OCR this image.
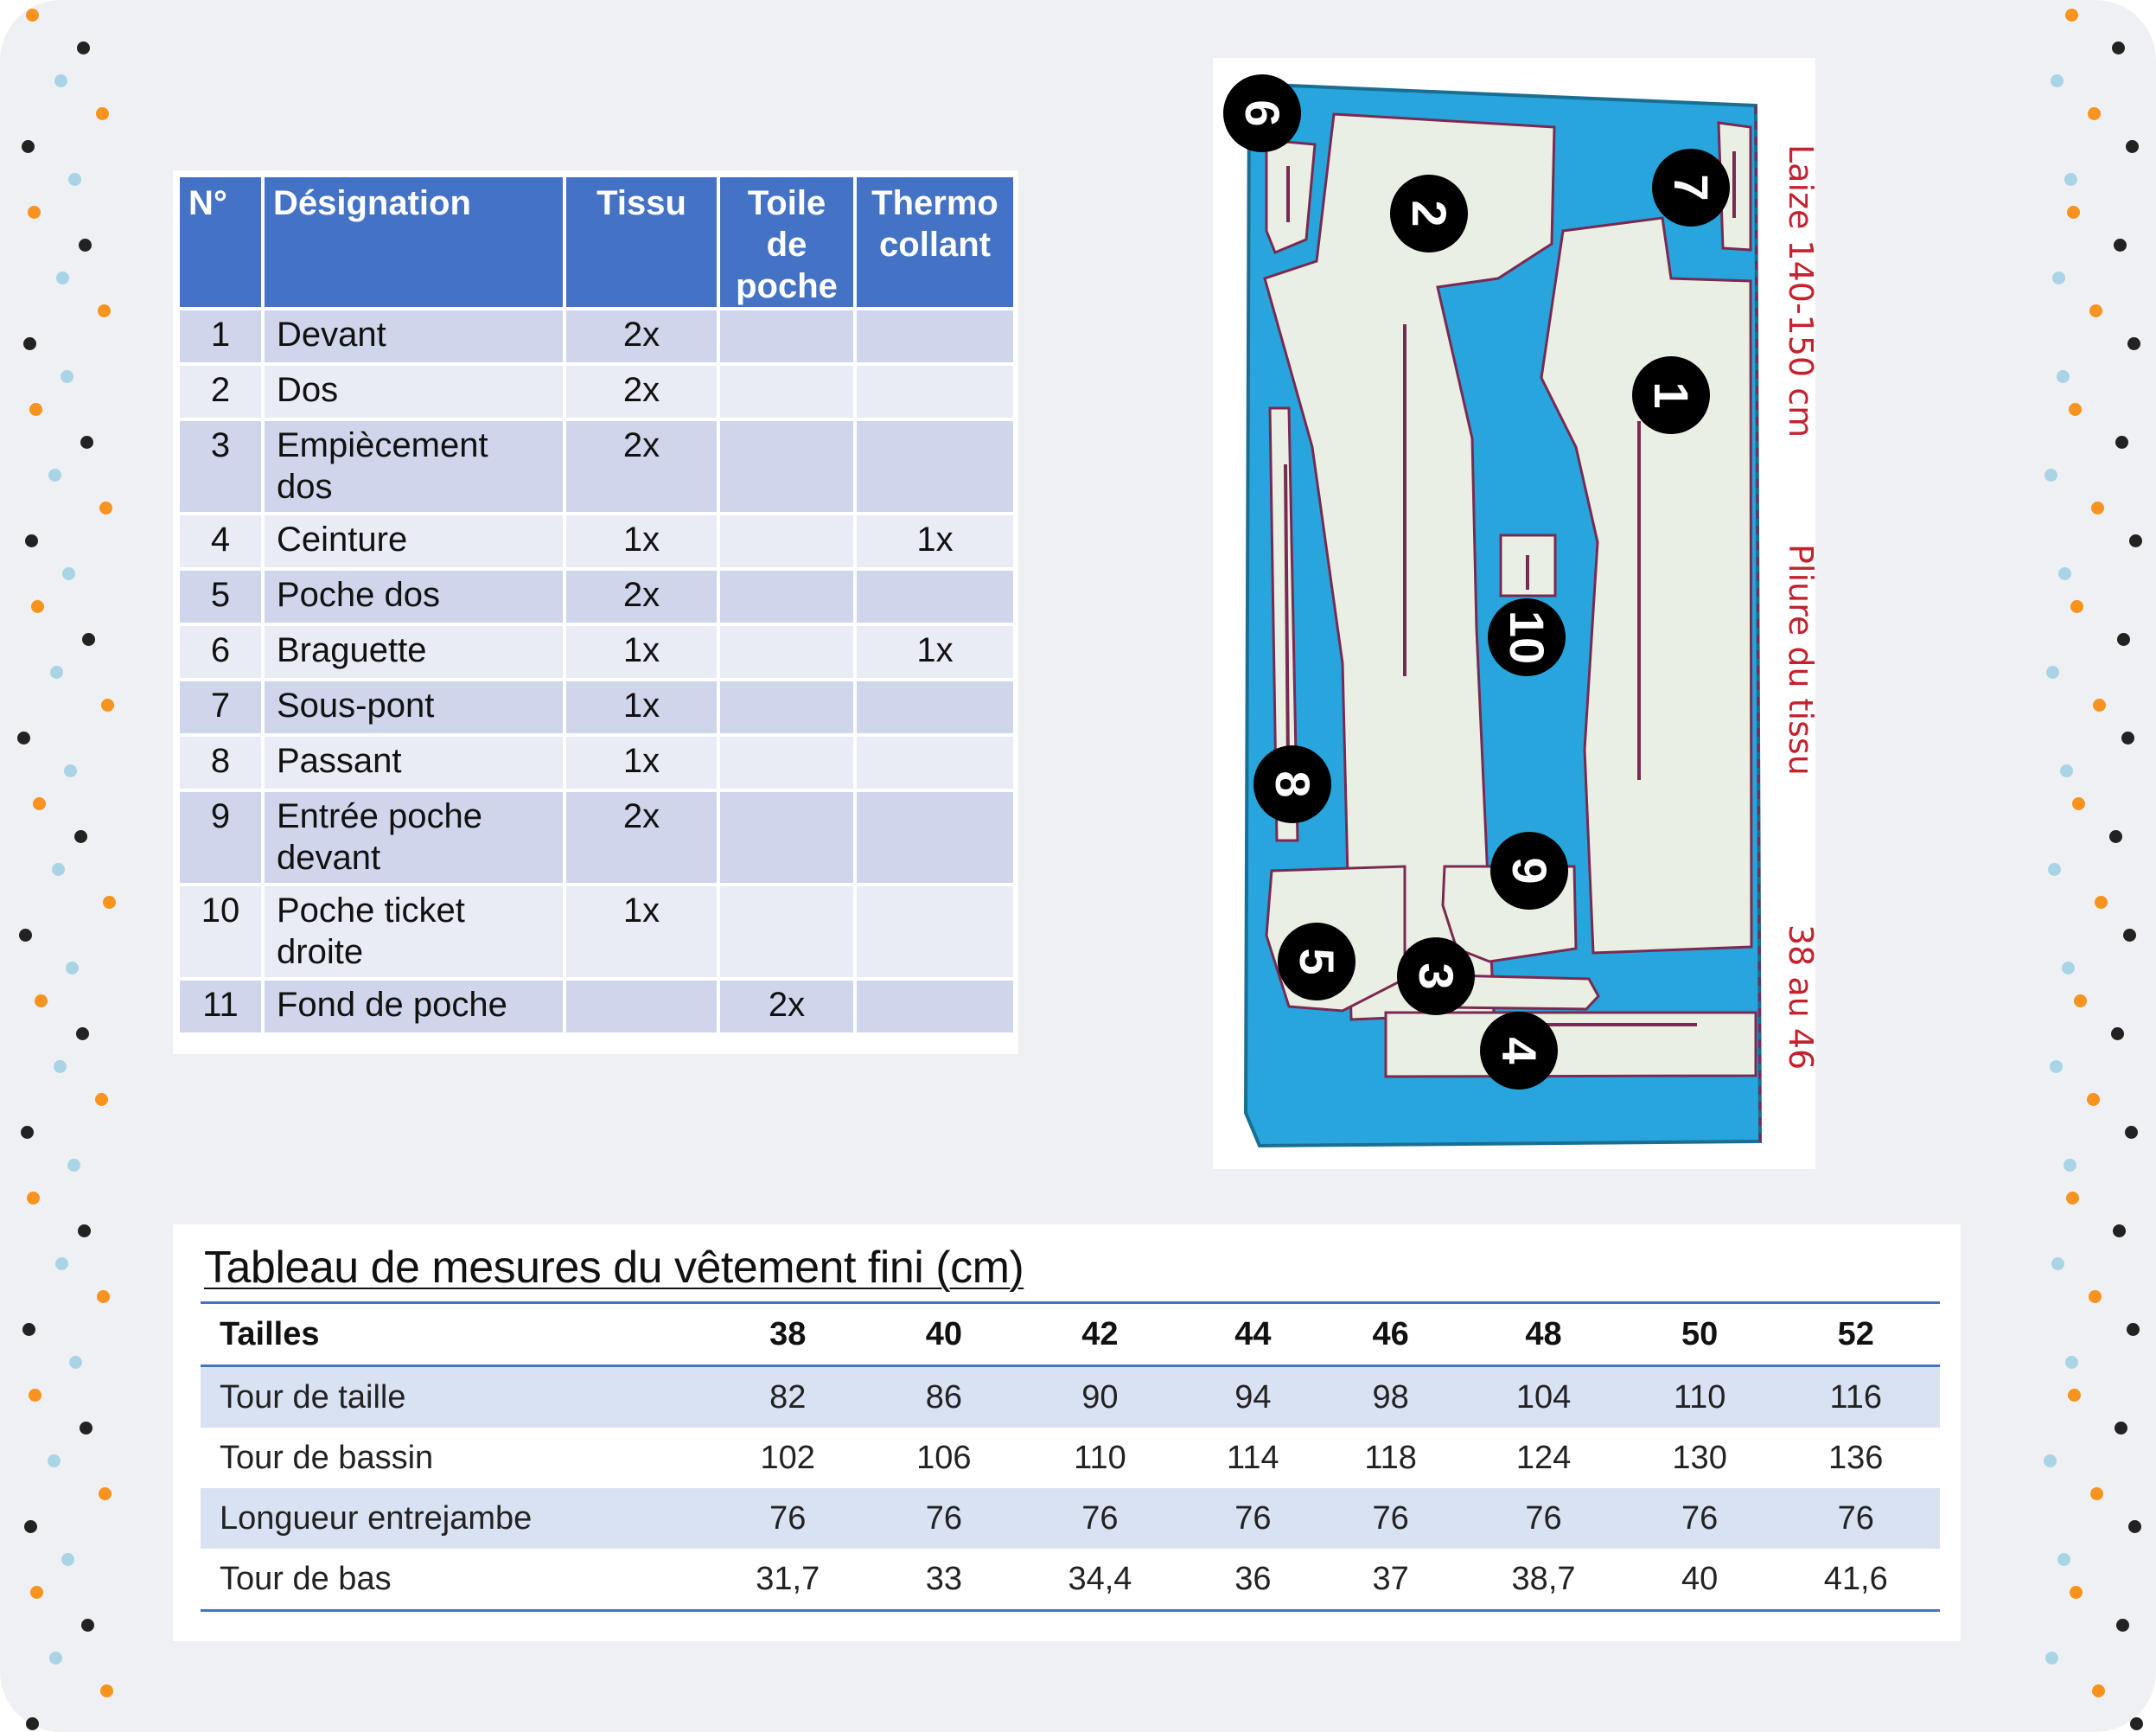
N°	Désignation	Tissu	Toile de poche	Thermo collant
1	Devant	2x		
2	Dos	2x		
3	Empiècement dos	2x		
4	Ceinture	1x		1x
5	Poche dos	2x		
6	Braguette	1x		1x
7	Sous-pont	1x		
8	Passant	1x		
9	Entrée poche devant	2x		
10	Poche ticket droite	1x		
11	Fond de poche		2x	
Laize 140-150 cm
Pliure du tissu
38 au 46
6
2
7
1
10
8
9
5
3
4
Tableau de mesures du vêtement fini (cm)
Tailles	38	40	42	44	46	48	50	52
Tour de taille	82	86	90	94	98	104	110	116
Tour de bassin	102	106	110	114	118	124	130	136
Longueur entrejambe	76	76	76	76	76	76	76	76
Tour de bas	31,7	33	34,4	36	37	38,7	40	41,6
